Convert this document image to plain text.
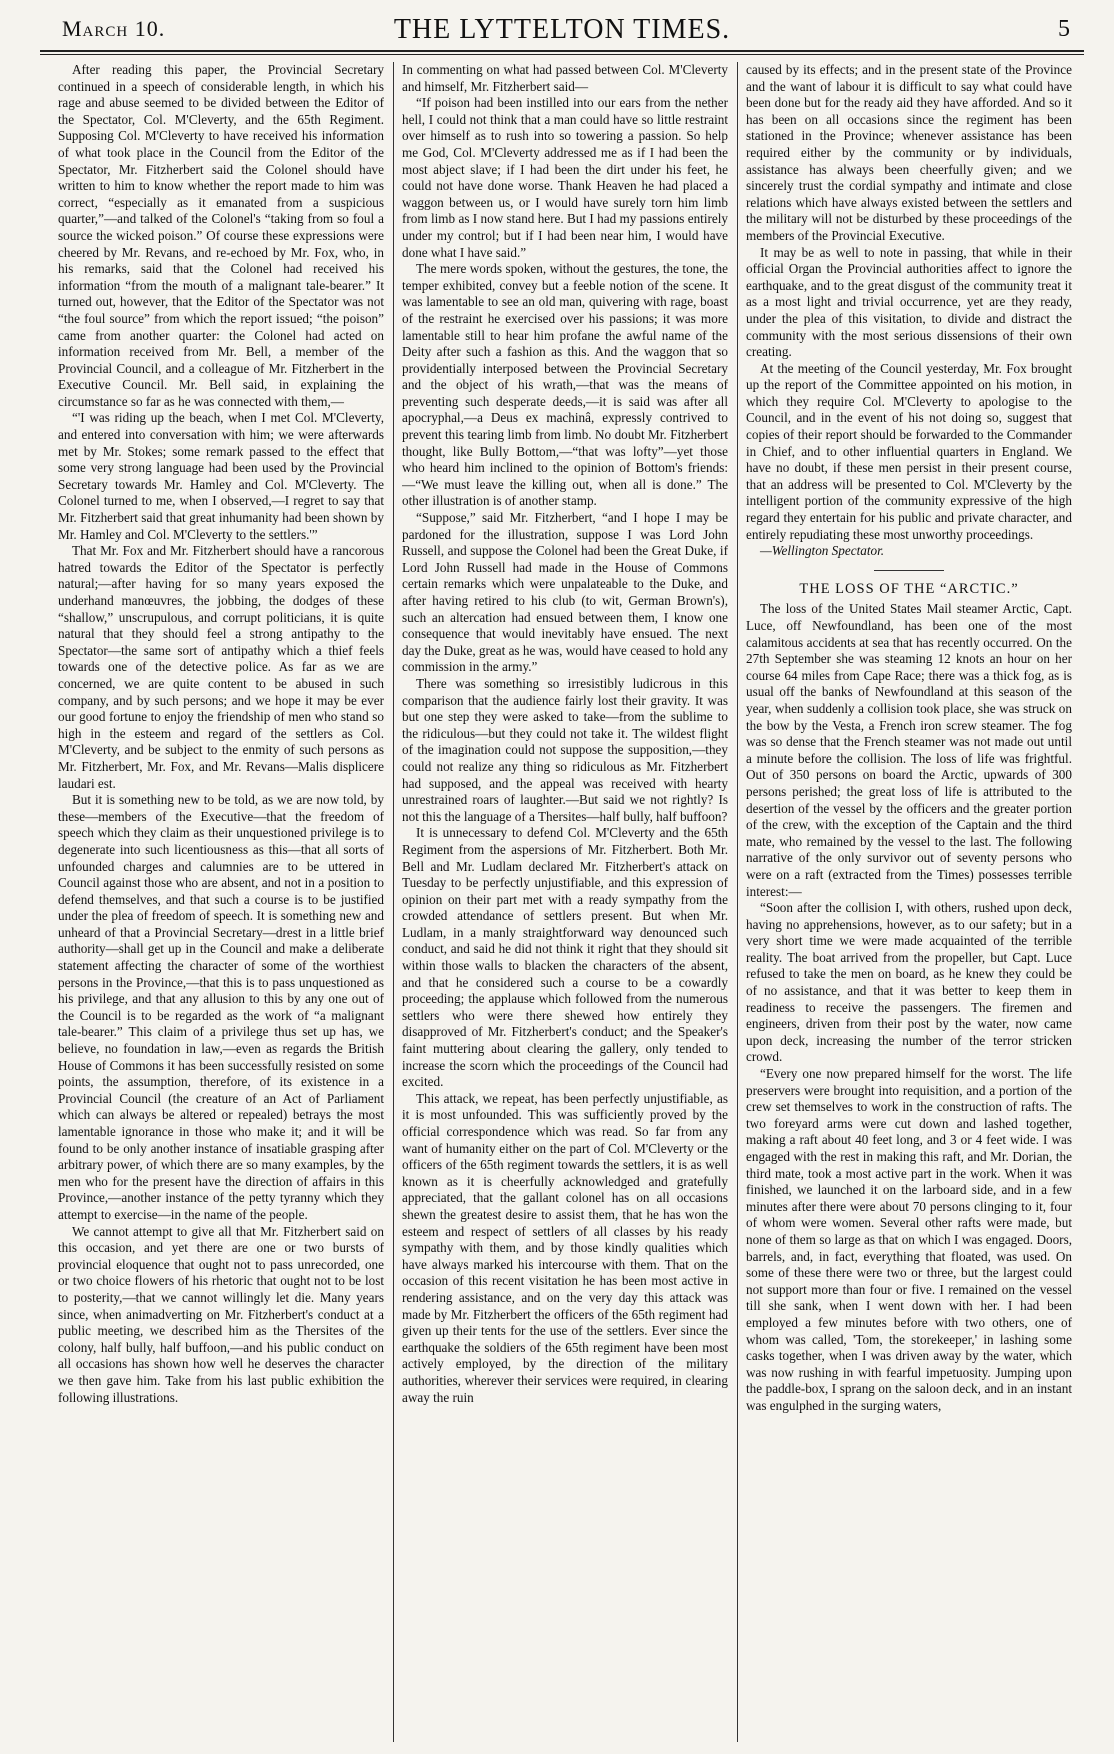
March 10.	THE LYTTELTON TIMES.	5

After reading this paper, the Provincial Secretary continued in a speech of considerable length, in which his rage and abuse seemed to be divided between the Editor of the Spectator, Col. M'Cleverty, and the 65th Regiment. Supposing Col. M'Cleverty to have received his information of what took place in the Council from the Editor of the Spectator, Mr. Fitzherbert said the Colonel should have written to him to know whether the report made to him was correct, “especially as it emanated from a suspicious quarter,”—and talked of the Colonel's “taking from so foul a source the wicked poison.” Of course these expressions were cheered by Mr. Revans, and re-echoed by Mr. Fox, who, in his remarks, said that the Colonel had received his information “from the mouth of a malignant tale-bearer.” It turned out, however, that the Editor of the Spectator was not “the foul source” from which the report issued; “the poison” came from another quarter: the Colonel had acted on information received from Mr. Bell, a member of the Provincial Council, and a colleague of Mr. Fitzherbert in the Executive Council. Mr. Bell said, in explaining the circumstance so far as he was connected with them,—

“'I was riding up the beach, when I met Col. M'Cleverty, and entered into conversation with him; we were afterwards met by Mr. Stokes; some remark passed to the effect that some very strong language had been used by the Provincial Secretary towards Mr. Hamley and Col. M'Cleverty. The Colonel turned to me, when I observed,—I regret to say that Mr. Fitzherbert said that great inhumanity had been shown by Mr. Hamley and Col. M'Cleverty to the settlers.'”

That Mr. Fox and Mr. Fitzherbert should have a rancorous hatred towards the Editor of the Spectator is perfectly natural;—after having for so many years exposed the underhand manœuvres, the jobbing, the dodges of these “shallow,” unscrupulous, and corrupt politicians, it is quite natural that they should feel a strong antipathy to the Spectator—the same sort of antipathy which a thief feels towards one of the detective police. As far as we are concerned, we are quite content to be abused in such company, and by such persons; and we hope it may be ever our good fortune to enjoy the friendship of men who stand so high in the esteem and regard of the settlers as Col. M'Cleverty, and be subject to the enmity of such persons as Mr. Fitzherbert, Mr. Fox, and Mr. Revans—Malis displicere laudari est.

But it is something new to be told, as we are now told, by these—members of the Executive—that the freedom of speech which they claim as their unquestioned privilege is to degenerate into such licentiousness as this—that all sorts of unfounded charges and calumnies are to be uttered in Council against those who are absent, and not in a position to defend themselves, and that such a course is to be justified under the plea of freedom of speech. It is something new and unheard of that a Provincial Secretary—drest in a little brief authority—shall get up in the Council and make a deliberate statement affecting the character of some of the worthiest persons in the Province,—that this is to pass unquestioned as his privilege, and that any allusion to this by any one out of the Council is to be regarded as the work of “a malignant tale-bearer.” This claim of a privilege thus set up has, we believe, no foundation in law,—even as regards the British House of Commons it has been successfully resisted on some points, the assumption, therefore, of its existence in a Provincial Council (the creature of an Act of Parliament which can always be altered or repealed) betrays the most lamentable ignorance in those who make it; and it will be found to be only another instance of insatiable grasping after arbitrary power, of which there are so many examples, by the men who for the present have the direction of affairs in this Province,—another instance of the petty tyranny which they attempt to exercise—in the name of the people.

We cannot attempt to give all that Mr. Fitzherbert said on this occasion, and yet there are one or two bursts of provincial eloquence that ought not to pass unrecorded, one or two choice flowers of his rhetoric that ought not to be lost to posterity,—that we cannot willingly let die. Many years since, when animadverting on Mr. Fitzherbert's conduct at a public meeting, we described him as the Thersites of the colony, half bully, half buffoon,—and his public conduct on all occasions has shown how well he deserves the character we then gave him. Take from his last public exhibition the following illustrations.

In commenting on what had passed between Col. M'Cleverty and himself, Mr. Fitzherbert said—

“If poison had been instilled into our ears from the nether hell, I could not think that a man could have so little restraint over himself as to rush into so towering a passion. So help me God, Col. M'Cleverty addressed me as if I had been the most abject slave; if I had been the dirt under his feet, he could not have done worse. Thank Heaven he had placed a waggon between us, or I would have surely torn him limb from limb as I now stand here. But I had my passions entirely under my control; but if I had been near him, I would have done what I have said.”

The mere words spoken, without the gestures, the tone, the temper exhibited, convey but a feeble notion of the scene. It was lamentable to see an old man, quivering with rage, boast of the restraint he exercised over his passions; it was more lamentable still to hear him profane the awful name of the Deity after such a fashion as this. And the waggon that so providentially interposed between the Provincial Secretary and the object of his wrath,—that was the means of preventing such desperate deeds,—it is said was after all apocryphal,—a Deus ex machinâ, expressly contrived to prevent this tearing limb from limb. No doubt Mr. Fitzherbert thought, like Bully Bottom,—“that was lofty”—yet those who heard him inclined to the opinion of Bottom's friends:—“We must leave the killing out, when all is done.” The other illustration is of another stamp.

“Suppose,” said Mr. Fitzherbert, “and I hope I may be pardoned for the illustration, suppose I was Lord John Russell, and suppose the Colonel had been the Great Duke, if Lord John Russell had made in the House of Commons certain remarks which were unpalateable to the Duke, and after having retired to his club (to wit, German Brown's), such an altercation had ensued between them, I know one consequence that would inevitably have ensued. The next day the Duke, great as he was, would have ceased to hold any commission in the army.”

There was something so irresistibly ludicrous in this comparison that the audience fairly lost their gravity. It was but one step they were asked to take—from the sublime to the ridiculous—but they could not take it. The wildest flight of the imagination could not suppose the supposition,—they could not realize any thing so ridiculous as Mr. Fitzherbert had supposed, and the appeal was received with hearty unrestrained roars of laughter.—But said we not rightly? Is not this the language of a Thersites—half bully, half buffoon?

It is unnecessary to defend Col. M'Cleverty and the 65th Regiment from the aspersions of Mr. Fitzherbert. Both Mr. Bell and Mr. Ludlam declared Mr. Fitzherbert's attack on Tuesday to be perfectly unjustifiable, and this expression of opinion on their part met with a ready sympathy from the crowded attendance of settlers present. But when Mr. Ludlam, in a manly straightforward way denounced such conduct, and said he did not think it right that they should sit within those walls to blacken the characters of the absent, and that he considered such a course to be a cowardly proceeding; the applause which followed from the numerous settlers who were there shewed how entirely they disapproved of Mr. Fitzherbert's conduct; and the Speaker's faint muttering about clearing the gallery, only tended to increase the scorn which the proceedings of the Council had excited.

This attack, we repeat, has been perfectly unjustifiable, as it is most unfounded. This was sufficiently proved by the official correspondence which was read. So far from any want of humanity either on the part of Col. M'Cleverty or the officers of the 65th regiment towards the settlers, it is as well known as it is cheerfully acknowledged and gratefully appreciated, that the gallant colonel has on all occasions shewn the greatest desire to assist them, that he has won the esteem and respect of settlers of all classes by his ready sympathy with them, and by those kindly qualities which have always marked his intercourse with them. That on the occasion of this recent visitation he has been most active in rendering assistance, and on the very day this attack was made by Mr. Fitzherbert the officers of the 65th regiment had given up their tents for the use of the settlers. Ever since the earthquake the soldiers of the 65th regiment have been most actively employed, by the direction of the military authorities, wherever their services were required, in clearing away the ruin

caused by its effects; and in the present state of the Province and the want of labour it is difficult to say what could have been done but for the ready aid they have afforded. And so it has been on all occasions since the regiment has been stationed in the Province; whenever assistance has been required either by the community or by individuals, assistance has always been cheerfully given; and we sincerely trust the cordial sympathy and intimate and close relations which have always existed between the settlers and the military will not be disturbed by these proceedings of the members of the Provincial Executive.

It may be as well to note in passing, that while in their official Organ the Provincial authorities affect to ignore the earthquake, and to the great disgust of the community treat it as a most light and trivial occurrence, yet are they ready, under the plea of this visitation, to divide and distract the community with the most serious dissensions of their own creating.

At the meeting of the Council yesterday, Mr. Fox brought up the report of the Committee appointed on his motion, in which they require Col. M'Cleverty to apologise to the Council, and in the event of his not doing so, suggest that copies of their report should be forwarded to the Commander in Chief, and to other influential quarters in England. We have no doubt, if these men persist in their present course, that an address will be presented to Col. M'Cleverty by the intelligent portion of the community expressive of the high regard they entertain for his public and private character, and entirely repudiating these most unworthy proceedings.

—Wellington Spectator.

THE LOSS OF THE “ARCTIC.”

The loss of the United States Mail steamer Arctic, Capt. Luce, off Newfoundland, has been one of the most calamitous accidents at sea that has recently occurred. On the 27th September she was steaming 12 knots an hour on her course 64 miles from Cape Race; there was a thick fog, as is usual off the banks of Newfoundland at this season of the year, when suddenly a collision took place, she was struck on the bow by the Vesta, a French iron screw steamer. The fog was so dense that the French steamer was not made out until a minute before the collision. The loss of life was frightful. Out of 350 persons on board the Arctic, upwards of 300 persons perished; the great loss of life is attributed to the desertion of the vessel by the officers and the greater portion of the crew, with the exception of the Captain and the third mate, who remained by the vessel to the last. The following narrative of the only survivor out of seventy persons who were on a raft (extracted from the Times) possesses terrible interest:—

“Soon after the collision I, with others, rushed upon deck, having no apprehensions, however, as to our safety; but in a very short time we were made acquainted of the terrible reality. The boat arrived from the propeller, but Capt. Luce refused to take the men on board, as he knew they could be of no assistance, and that it was better to keep them in readiness to receive the passengers. The firemen and engineers, driven from their post by the water, now came upon deck, increasing the number of the terror stricken crowd.

“Every one now prepared himself for the worst. The life preservers were brought into requisition, and a portion of the crew set themselves to work in the construction of rafts. The two foreyard arms were cut down and lashed together, making a raft about 40 feet long, and 3 or 4 feet wide. I was engaged with the rest in making this raft, and Mr. Dorian, the third mate, took a most active part in the work. When it was finished, we launched it on the larboard side, and in a few minutes after there were about 70 persons clinging to it, four of whom were women. Several other rafts were made, but none of them so large as that on which I was engaged. Doors, barrels, and, in fact, everything that floated, was used. On some of these there were two or three, but the largest could not support more than four or five. I remained on the vessel till she sank, when I went down with her. I had been employed a few minutes before with two others, one of whom was called, 'Tom, the storekeeper,' in lashing some casks together, when I was driven away by the water, which was now rushing in with fearful impetuosity. Jumping upon the paddle-box, I sprang on the saloon deck, and in an instant was engulphed in the surging waters,
